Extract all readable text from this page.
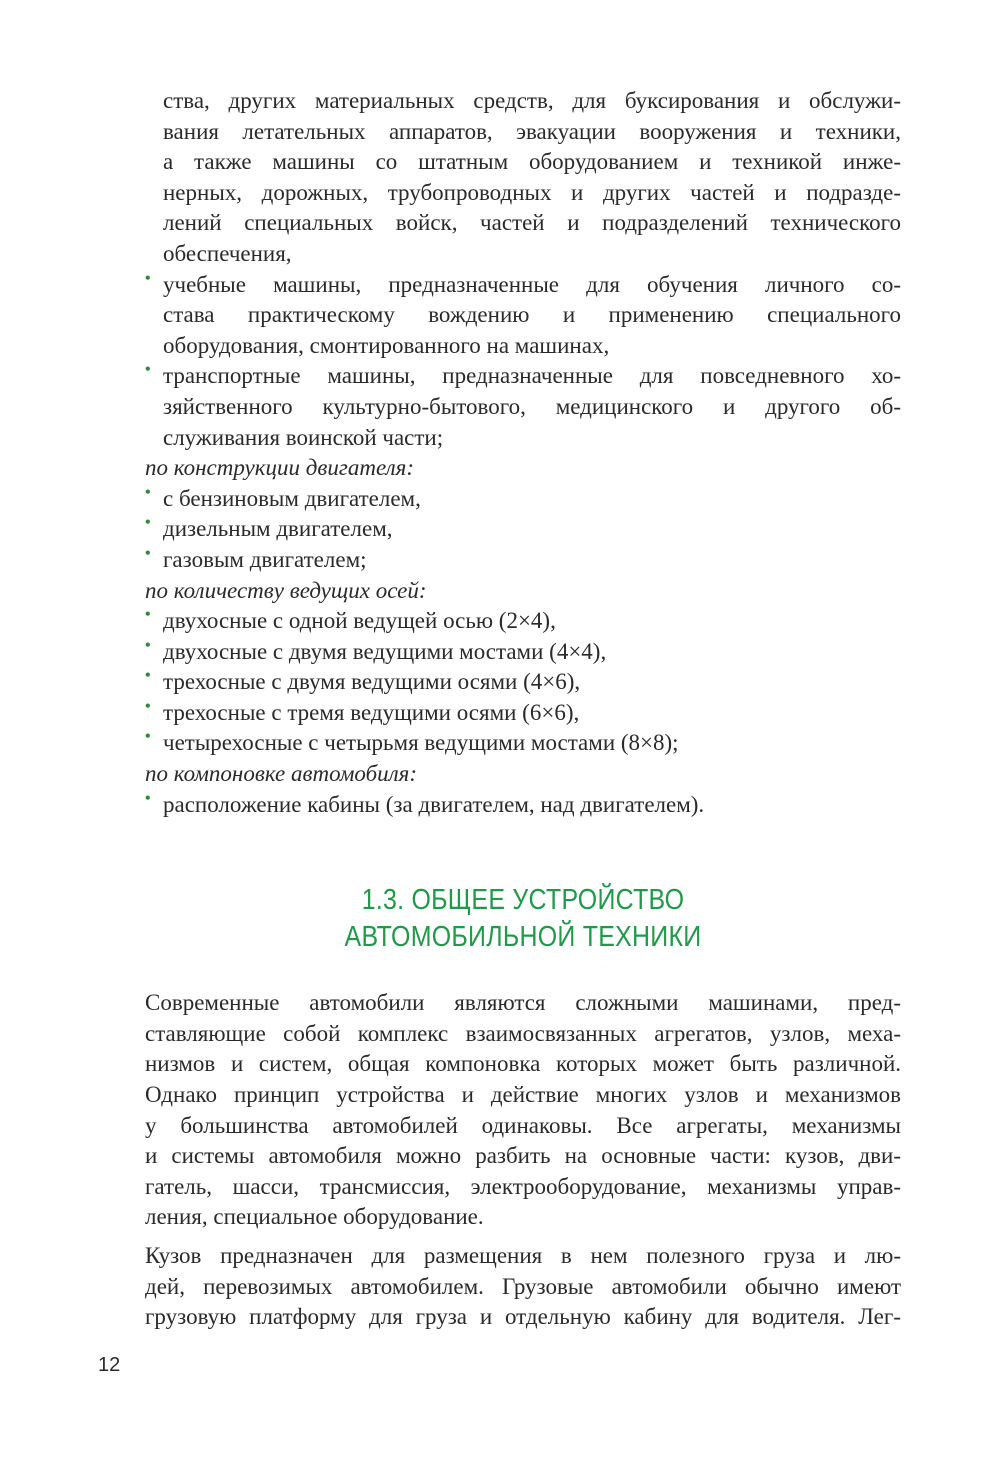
ства, других материальных средств, для буксирования и обслужи-
вания летательных аппаратов, эвакуации вооружения и техники,
а также машины со штатным оборудованием и техникой инже-
нерных, дорожных, трубопроводных и других частей и подразде-
лений специальных войск, частей и подразделений технического
обеспечения,
• учебные машины, предназначенные для обучения личного со-
става практическому вождению и применению специального
оборудования, смонтированного на машинах,
• транспортные машины, предназначенные для повседневного хо-
зяйственного культурно-бытового, медицинского и другого об-
служивания воинской части;
по конструкции двигателя:
• с бензиновым двигателем,
• дизельным двигателем,
• газовым двигателем;
по количеству ведущих осей:
• двухосные с одной ведущей осью (2×4),
• двухосные с двумя ведущими мостами (4×4),
• трехосные с двумя ведущими осями (4×6),
• трехосные с тремя ведущими осями (6×6),
• четырехосные с четырьмя ведущими мостами (8×8);
по компоновке автомобиля:
• расположение кабины (за двигателем, над двигателем).
1.3. ОБЩЕЕ УСТРОЙСТВО
АВТОМОБИЛЬНОЙ ТЕХНИКИ
Современные автомобили являются сложными машинами, пред-
ставляющие собой комплекс взаимосвязанных агрегатов, узлов, меха-
низмов и систем, общая компоновка которых может быть различной.
Однако принцип устройства и действие многих узлов и механизмов
у большинства автомобилей одинаковы. Все агрегаты, механизмы
и системы автомобиля можно разбить на основные части: кузов, дви-
гатель, шасси, трансмиссия, электрооборудование, механизмы управ-
ления, специальное оборудование.
Кузов предназначен для размещения в нем полезного груза и лю-
дей, перевозимых автомобилем. Грузовые автомобили обычно имеют
грузовую платформу для груза и отдельную кабину для водителя. Лег-
12
